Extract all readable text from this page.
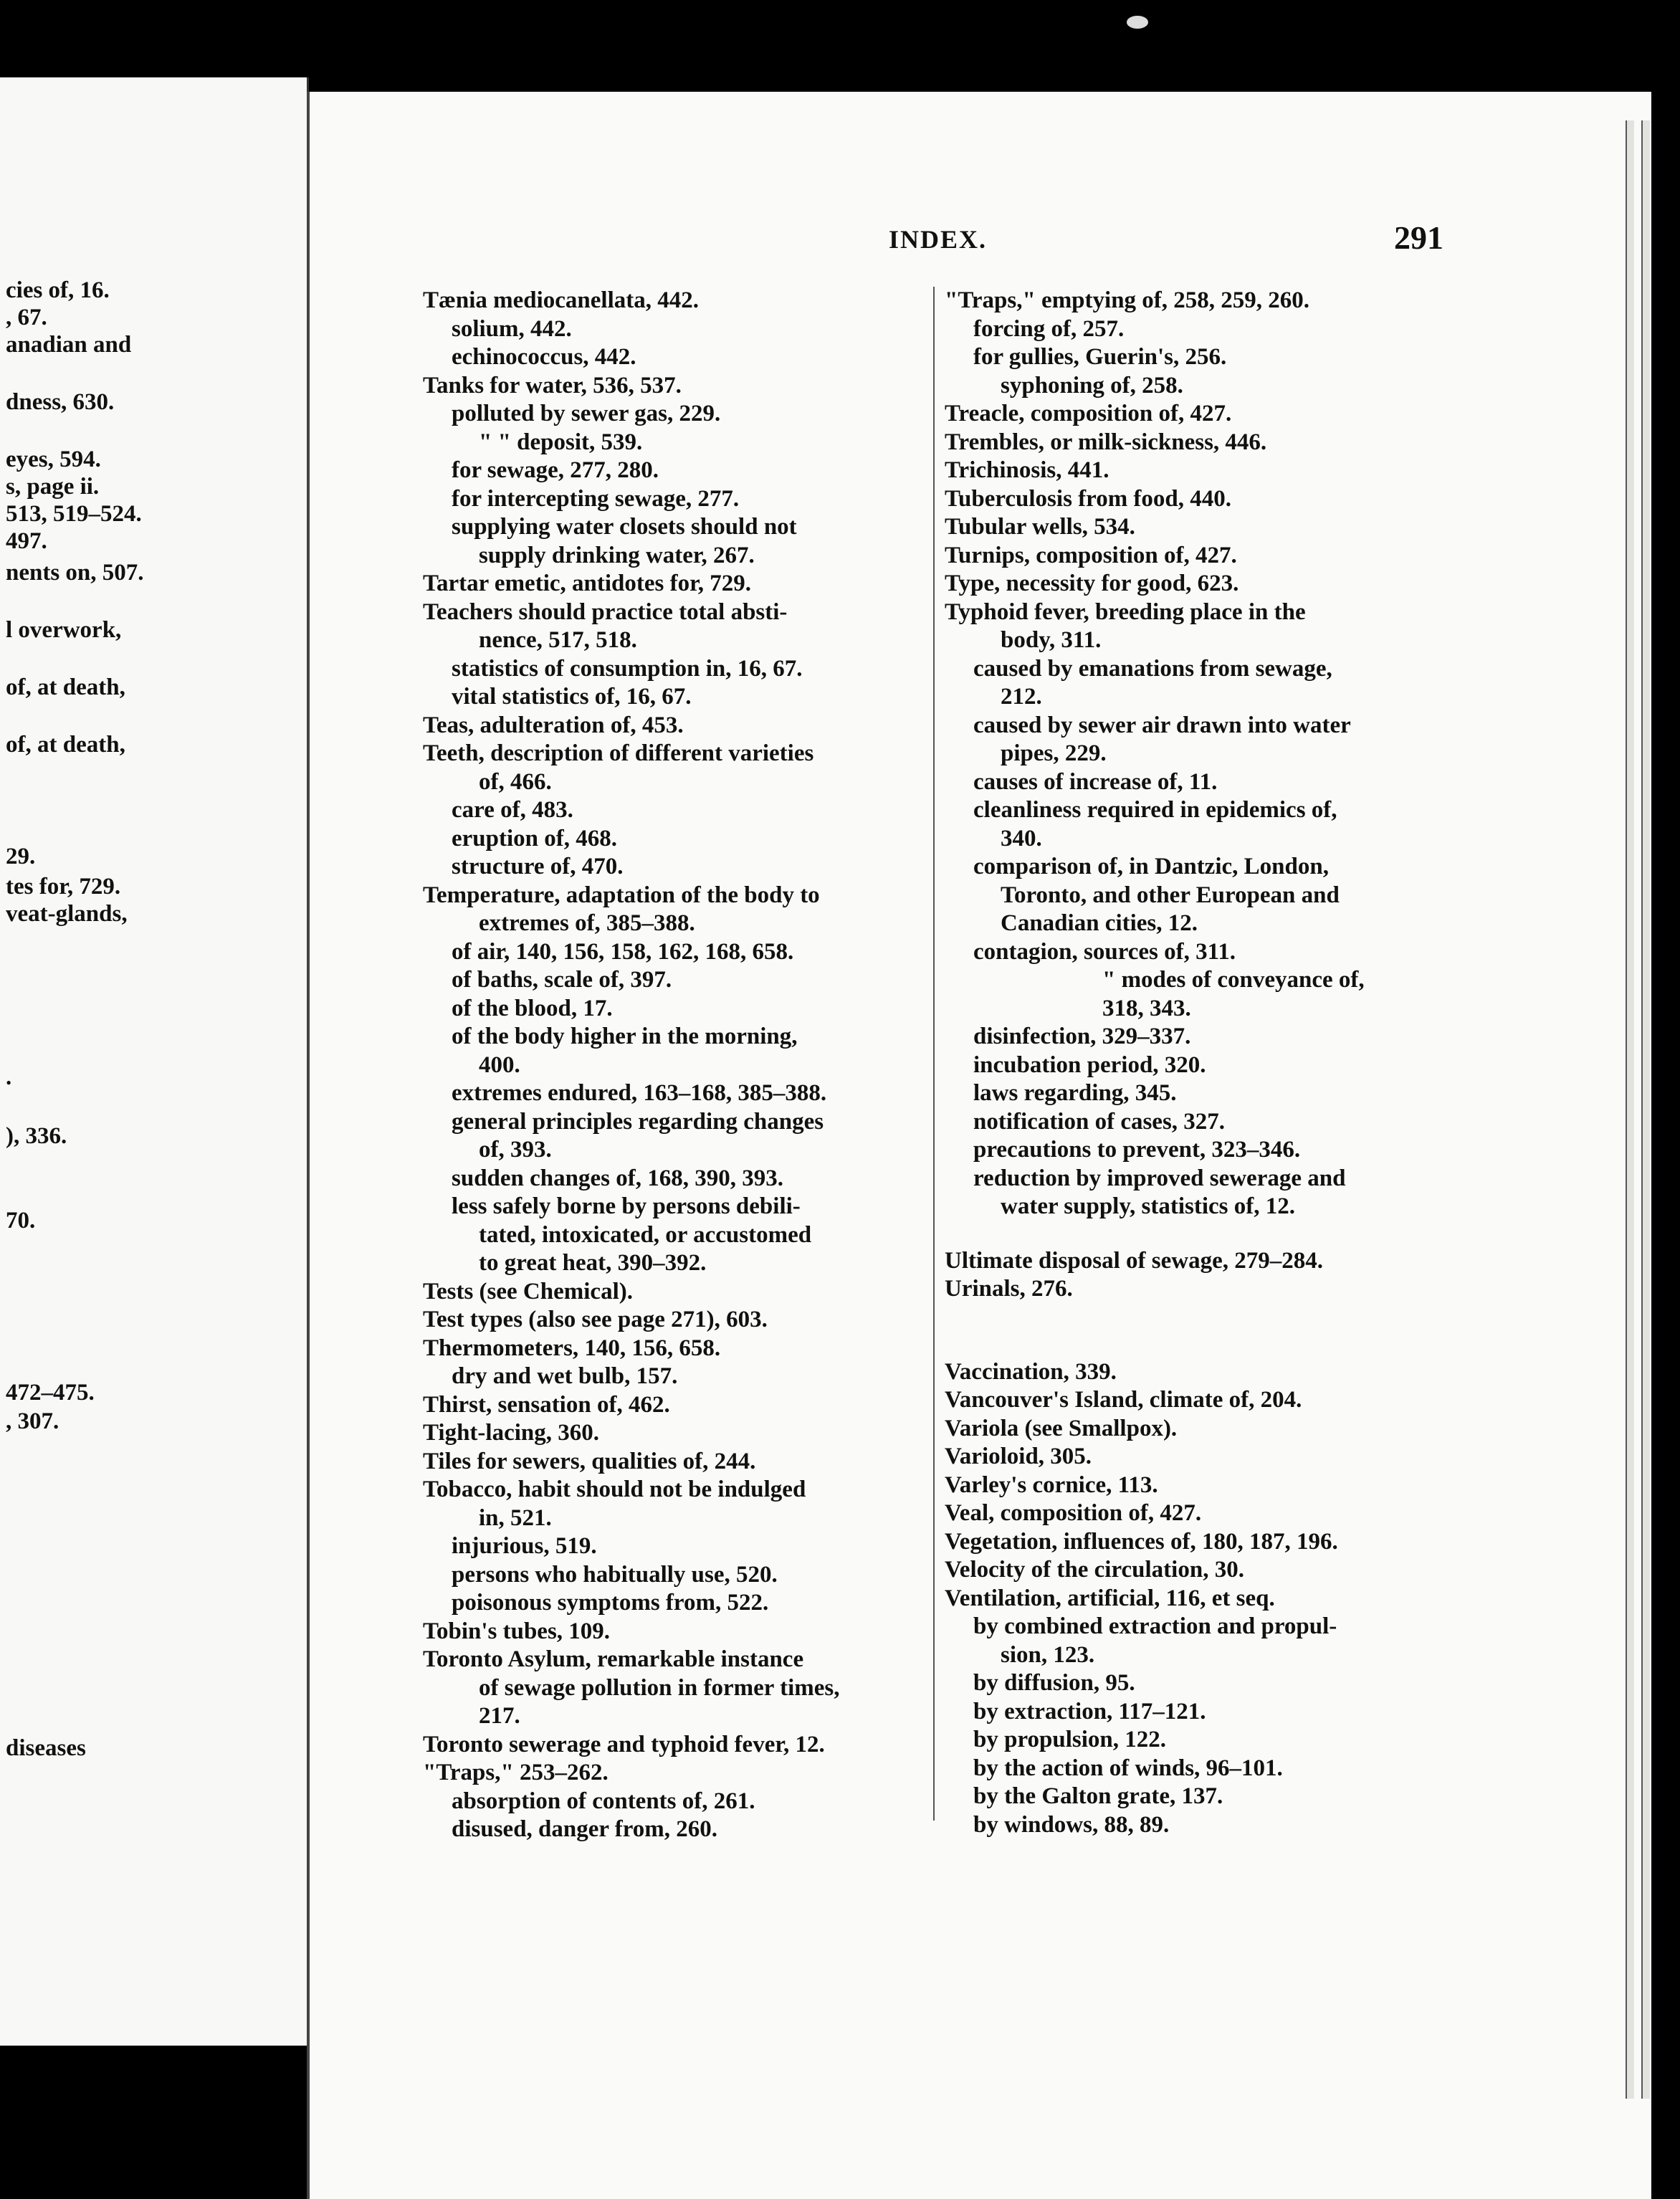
cies of, 16.
, 67.
anadian and
dness, 630.
eyes, 594.
s, page ii.
513, 519–524.
497.
nents on, 507.
l overwork,
of, at death,
of, at death,
29.
tes for, 729.
veat-glands,
.
), 336.
70.
472–475.
, 307.
diseases
INDEX.	291
Tænia mediocanellata, 442.
solium, 442.
echinococcus, 442.
Tanks for water, 536, 537.
polluted by sewer gas, 229.
" " deposit, 539.
for sewage, 277, 280.
for intercepting sewage, 277.
supplying water closets should not
supply drinking water, 267.
Tartar emetic, antidotes for, 729.
Teachers should practice total absti-
nence, 517, 518.
statistics of consumption in, 16, 67.
vital statistics of, 16, 67.
Teas, adulteration of, 453.
Teeth, description of different varieties
of, 466.
care of, 483.
eruption of, 468.
structure of, 470.
Temperature, adaptation of the body to
extremes of, 385–388.
of air, 140, 156, 158, 162, 168, 658.
of baths, scale of, 397.
of the blood, 17.
of the body higher in the morning,
400.
extremes endured, 163–168, 385–388.
general principles regarding changes
of, 393.
sudden changes of, 168, 390, 393.
less safely borne by persons debili-
tated, intoxicated, or accustomed
to great heat, 390–392.
Tests (see Chemical).
Test types (also see page 271), 603.
Thermometers, 140, 156, 658.
dry and wet bulb, 157.
Thirst, sensation of, 462.
Tight-lacing, 360.
Tiles for sewers, qualities of, 244.
Tobacco, habit should not be indulged
in, 521.
injurious, 519.
persons who habitually use, 520.
poisonous symptoms from, 522.
Tobin's tubes, 109.
Toronto Asylum, remarkable instance
of sewage pollution in former times,
217.
Toronto sewerage and typhoid fever, 12.
"Traps," 253–262.
absorption of contents of, 261.
disused, danger from, 260.
"Traps," emptying of, 258, 259, 260.
forcing of, 257.
for gullies, Guerin's, 256.
syphoning of, 258.
Treacle, composition of, 427.
Trembles, or milk-sickness, 446.
Trichinosis, 441.
Tuberculosis from food, 440.
Tubular wells, 534.
Turnips, composition of, 427.
Type, necessity for good, 623.
Typhoid fever, breeding place in the
body, 311.
caused by emanations from sewage,
212.
caused by sewer air drawn into water
pipes, 229.
causes of increase of, 11.
cleanliness required in epidemics of,
340.
comparison of, in Dantzic, London,
Toronto, and other European and
Canadian cities, 12.
contagion, sources of, 311.
" modes of conveyance of,
318, 343.
disinfection, 329–337.
incubation period, 320.
laws regarding, 345.
notification of cases, 327.
precautions to prevent, 323–346.
reduction by improved sewerage and
water supply, statistics of, 12.
Ultimate disposal of sewage, 279–284.
Urinals, 276.
Vaccination, 339.
Vancouver's Island, climate of, 204.
Variola (see Smallpox).
Varioloid, 305.
Varley's cornice, 113.
Veal, composition of, 427.
Vegetation, influences of, 180, 187, 196.
Velocity of the circulation, 30.
Ventilation, artificial, 116, et seq.
by combined extraction and propul-
sion, 123.
by diffusion, 95.
by extraction, 117–121.
by propulsion, 122.
by the action of winds, 96–101.
by the Galton grate, 137.
by windows, 88, 89.
